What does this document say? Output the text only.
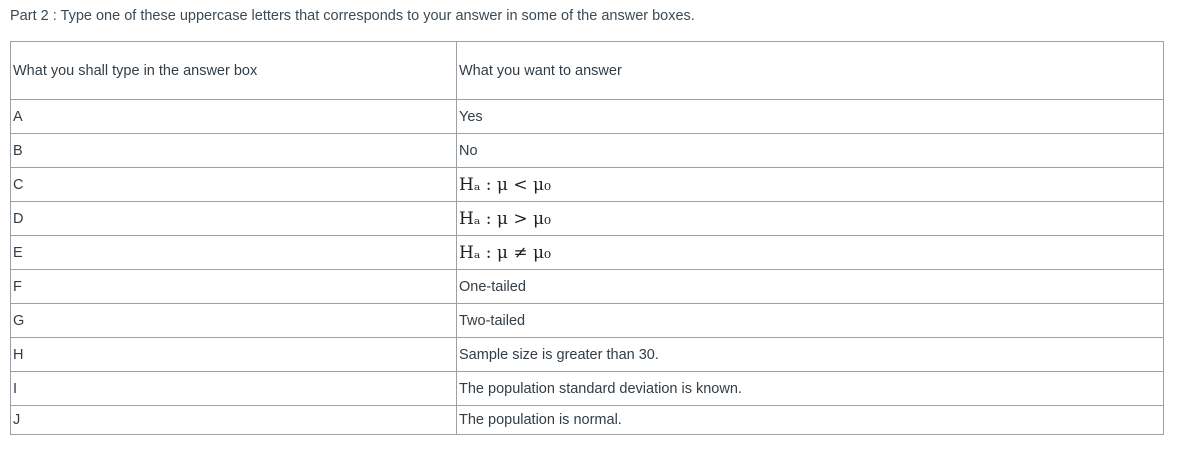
Part 2 : Type one of these uppercase letters that corresponds to your answer in some of the answer boxes.
What you shall type in the answer box	What you want to answer
A	Yes
B	No
C	Hₐ : μ < μ₀
D	Hₐ : μ > μ₀
E	Hₐ : μ ≠ μ₀
F	One-tailed
G	Two-tailed
H	Sample size is greater than 30.
I	The population standard deviation is known.
J	The population is normal.
